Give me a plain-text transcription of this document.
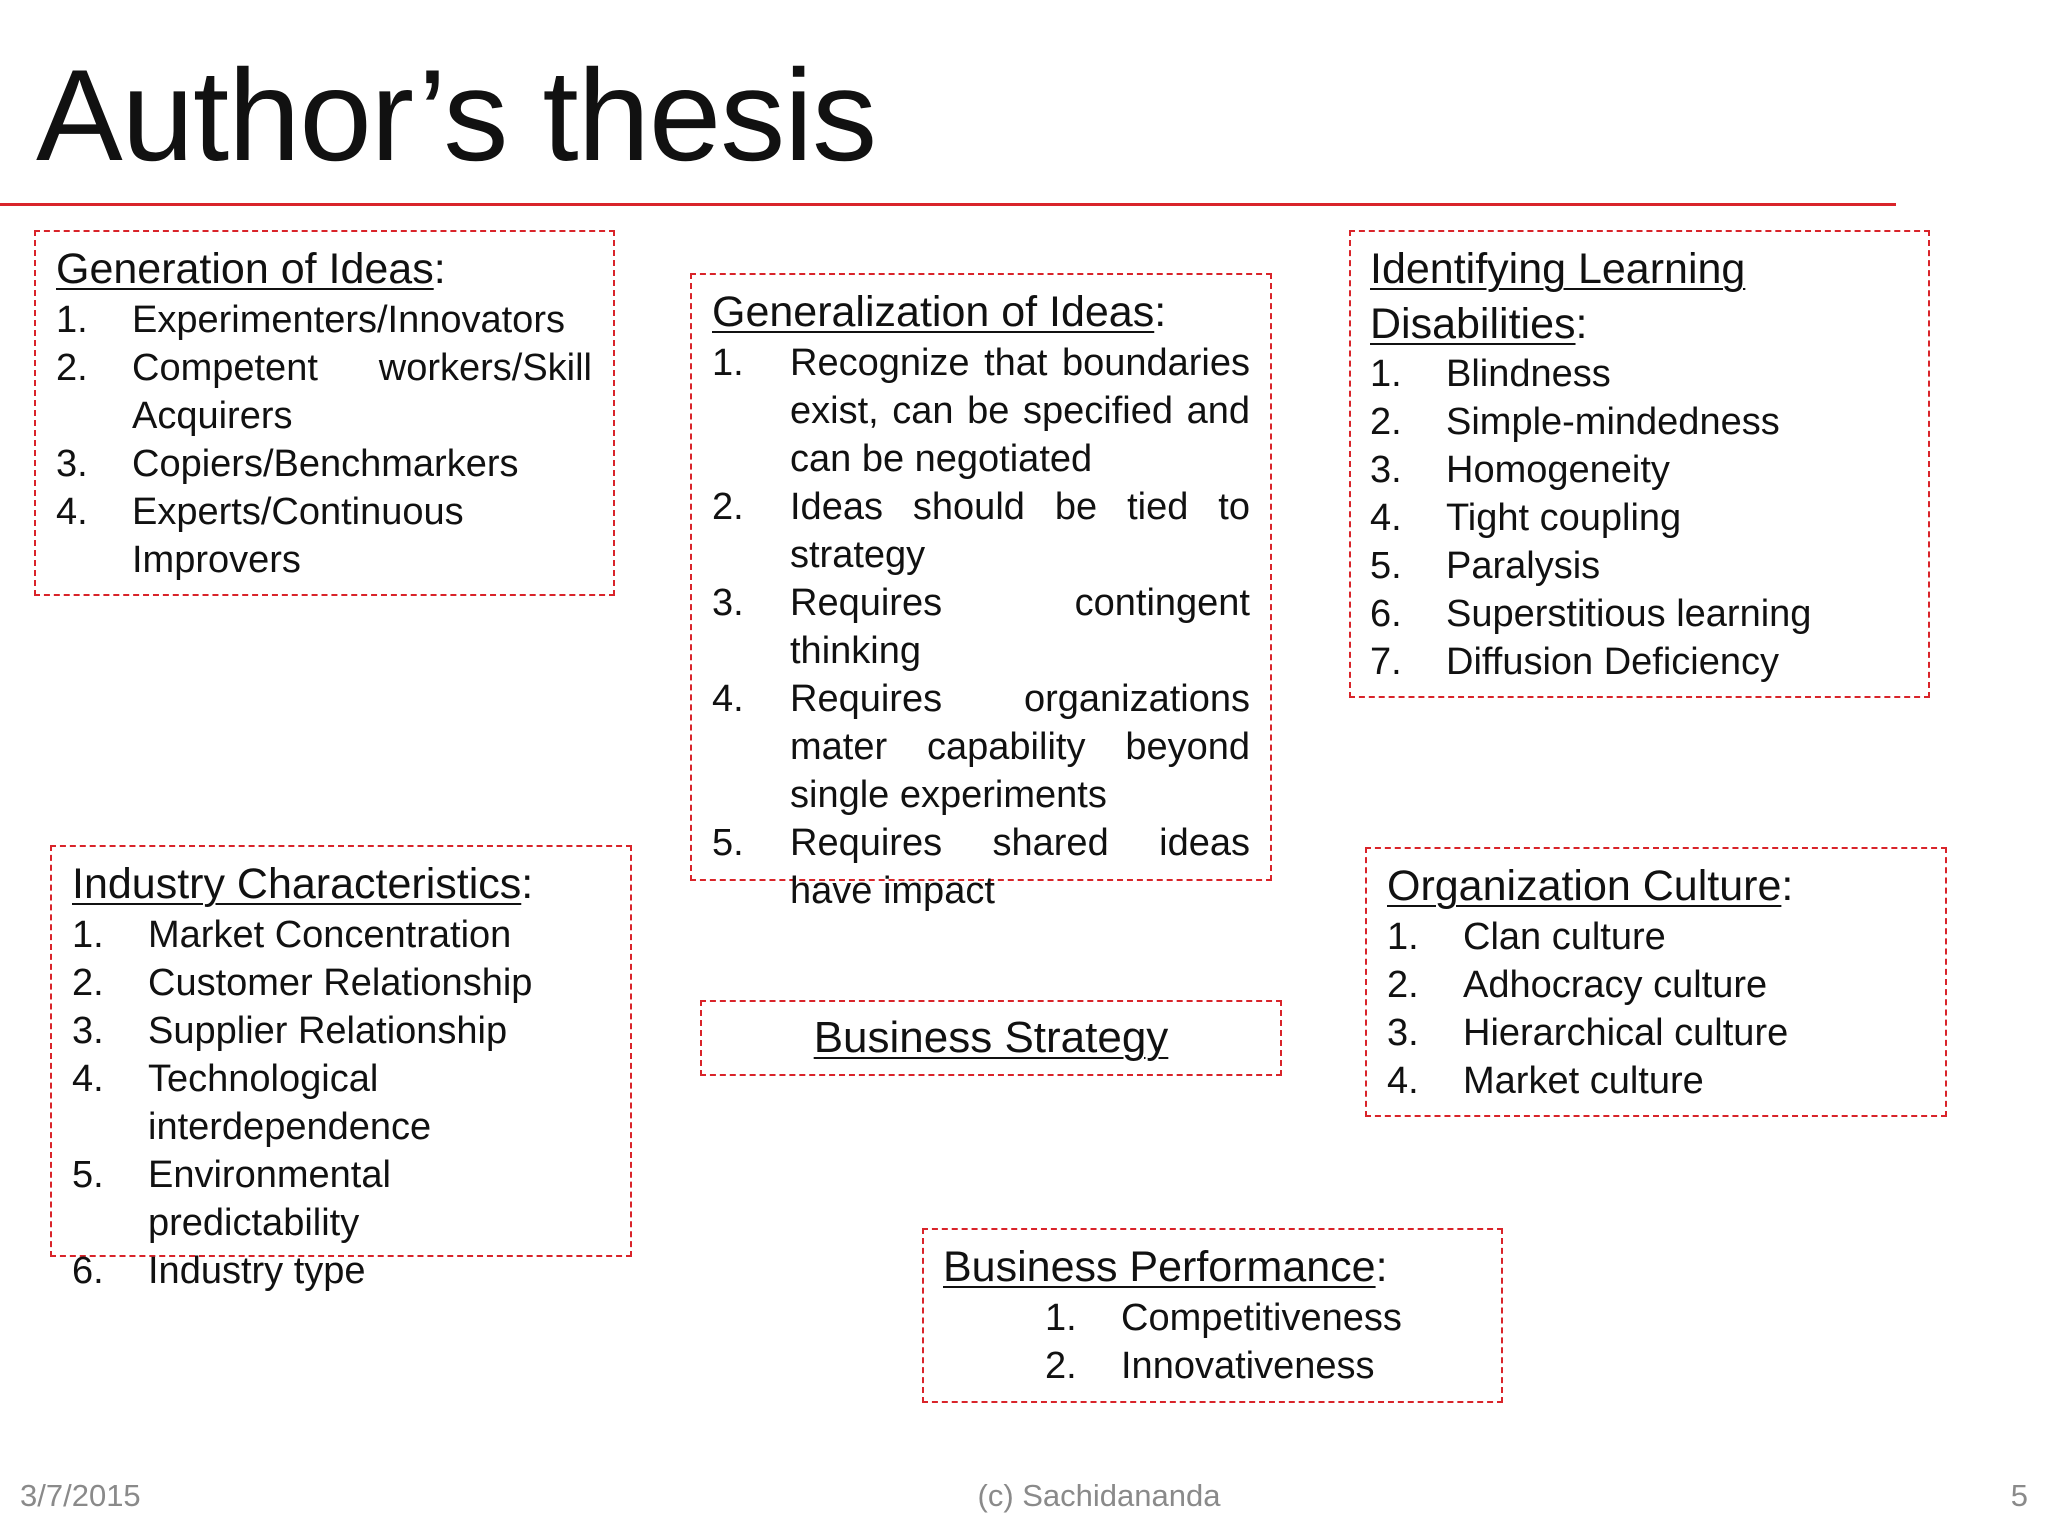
Author’s thesis
Generation of Ideas:
1. Experimenters/Innovators
2. Competent workers/Skill Acquirers
3. Copiers/Benchmarkers
4. Experts/Continuous Improvers
Generalization of Ideas:
1. Recognize that boundaries exist, can be specified and can be negotiated
2. Ideas should be tied to strategy
3. Requires contingent thinking
4. Requires organizations mater capability beyond single experiments
5. Requires shared ideas have impact
Identifying Learning
Disabilities:
1. Blindness
2. Simple-mindedness
3. Homogeneity
4. Tight coupling
5. Paralysis
6. Superstitious learning
7. Diffusion Deficiency
Industry Characteristics:
1. Market Concentration
2. Customer Relationship
3. Supplier Relationship
4. Technological interdependence
5. Environmental predictability
6. Industry type
Business Strategy
Organization Culture:
1. Clan culture
2. Adhocracy culture
3. Hierarchical culture
4. Market culture
Business Performance:
1. Competitiveness
2. Innovativeness
3/7/2015	(c) Sachidananda	5
